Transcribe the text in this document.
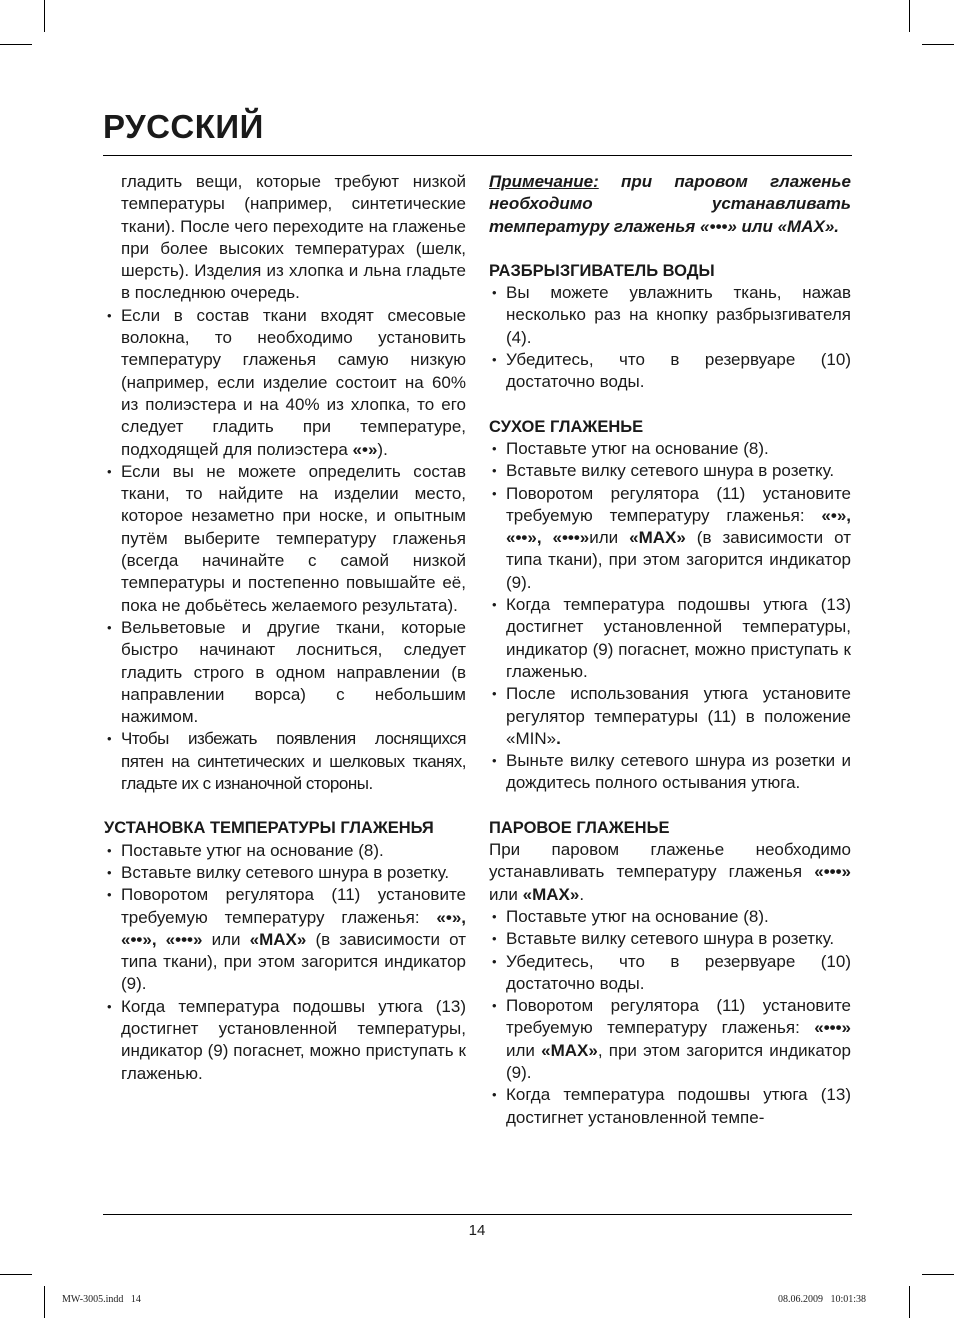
РУССКИЙ

гладить вещи, которые требуют низкой температуры (например, синтетические ткани). После чего переходите на глаженье при более высоких температурах (шелк, шерсть). Изделия из хлопка и льна гладьте в последнюю очередь.

• Если в состав ткани входят смесовые волокна, то необходимо установить температуру глаженья самую низкую (например, если изделие состоит на 60% из полиэстера и на 40% из хлопка, то его следует гладить при температуре, подходящей для полиэстера «•»).
• Если вы не можете определить состав ткани, то найдите на изделии место, которое незаметно при носке, и опытным путём выберите температуру глаженья (всегда начинайте с самой низкой температуры и постепенно повышайте её, пока не добьётесь желаемого результата).
• Вельветовые и другие ткани, которые быстро начинают лосниться, следует гладить строго в одном направлении (в направлении ворса) с небольшим нажимом.
• Чтобы избежать появления лоснящихся пятен на синтетических и шелковых тканях, гладьте их с изнаночной стороны.

УСТАНОВКА ТЕМПЕРАТУРЫ ГЛАЖЕНЬЯ

• Поставьте утюг на основание (8).
• Вставьте вилку сетевого шнура в розетку.
• Поворотом регулятора (11) установите требуемую температуру глаженья: «•», «••», «•••» или «MAX» (в зависимости от типа ткани), при этом загорится индикатор (9).
• Когда температура подошвы утюга (13) достигнет установленной температуры, индикатор (9) погаснет, можно приступать к глаженью.

Примечание: при паровом глаженье необходимо устанавливать температуру глаженья «•••» или «MAX».

РАЗБРЫЗГИВАТЕЛЬ ВОДЫ

• Вы можете увлажнить ткань, нажав несколько раз на кнопку разбрызгивателя (4).
• Убедитесь, что в резервуаре (10) достаточно воды.

СУХОЕ ГЛАЖЕНЬЕ

• Поставьте утюг на основание (8).
• Вставьте вилку сетевого шнура в розетку.
• Поворотом регулятора (11) установите требуемую температуру глаженья: «•», «••», «•••»или «MAX» (в зависимости от типа ткани), при этом загорится индикатор (9).
• Когда температура подошвы утюга (13) достигнет установленной температуры, индикатор (9) погаснет, можно приступать к глаженью.
• После использования утюга установите регулятор температуры (11) в положение «MIN».
• Выньте вилку сетевого шнура из розетки и дождитесь полного остывания утюга.

ПАРОВОЕ ГЛАЖЕНЬЕ

При паровом глаженье необходимо устанавливать температуру глаженья «•••» или «MAX».

• Поставьте утюг на основание (8).
• Вставьте вилку сетевого шнура в розетку.
• Убедитесь, что в резервуаре (10) достаточно воды.
• Поворотом регулятора (11) установите требуемую температуру глаженья: «•••» или «MAX», при этом загорится индикатор (9).
• Когда температура подошвы утюга (13) достигнет установленной темпе-
14
MW-3005.indd   14	08.06.2009   10:01:38
